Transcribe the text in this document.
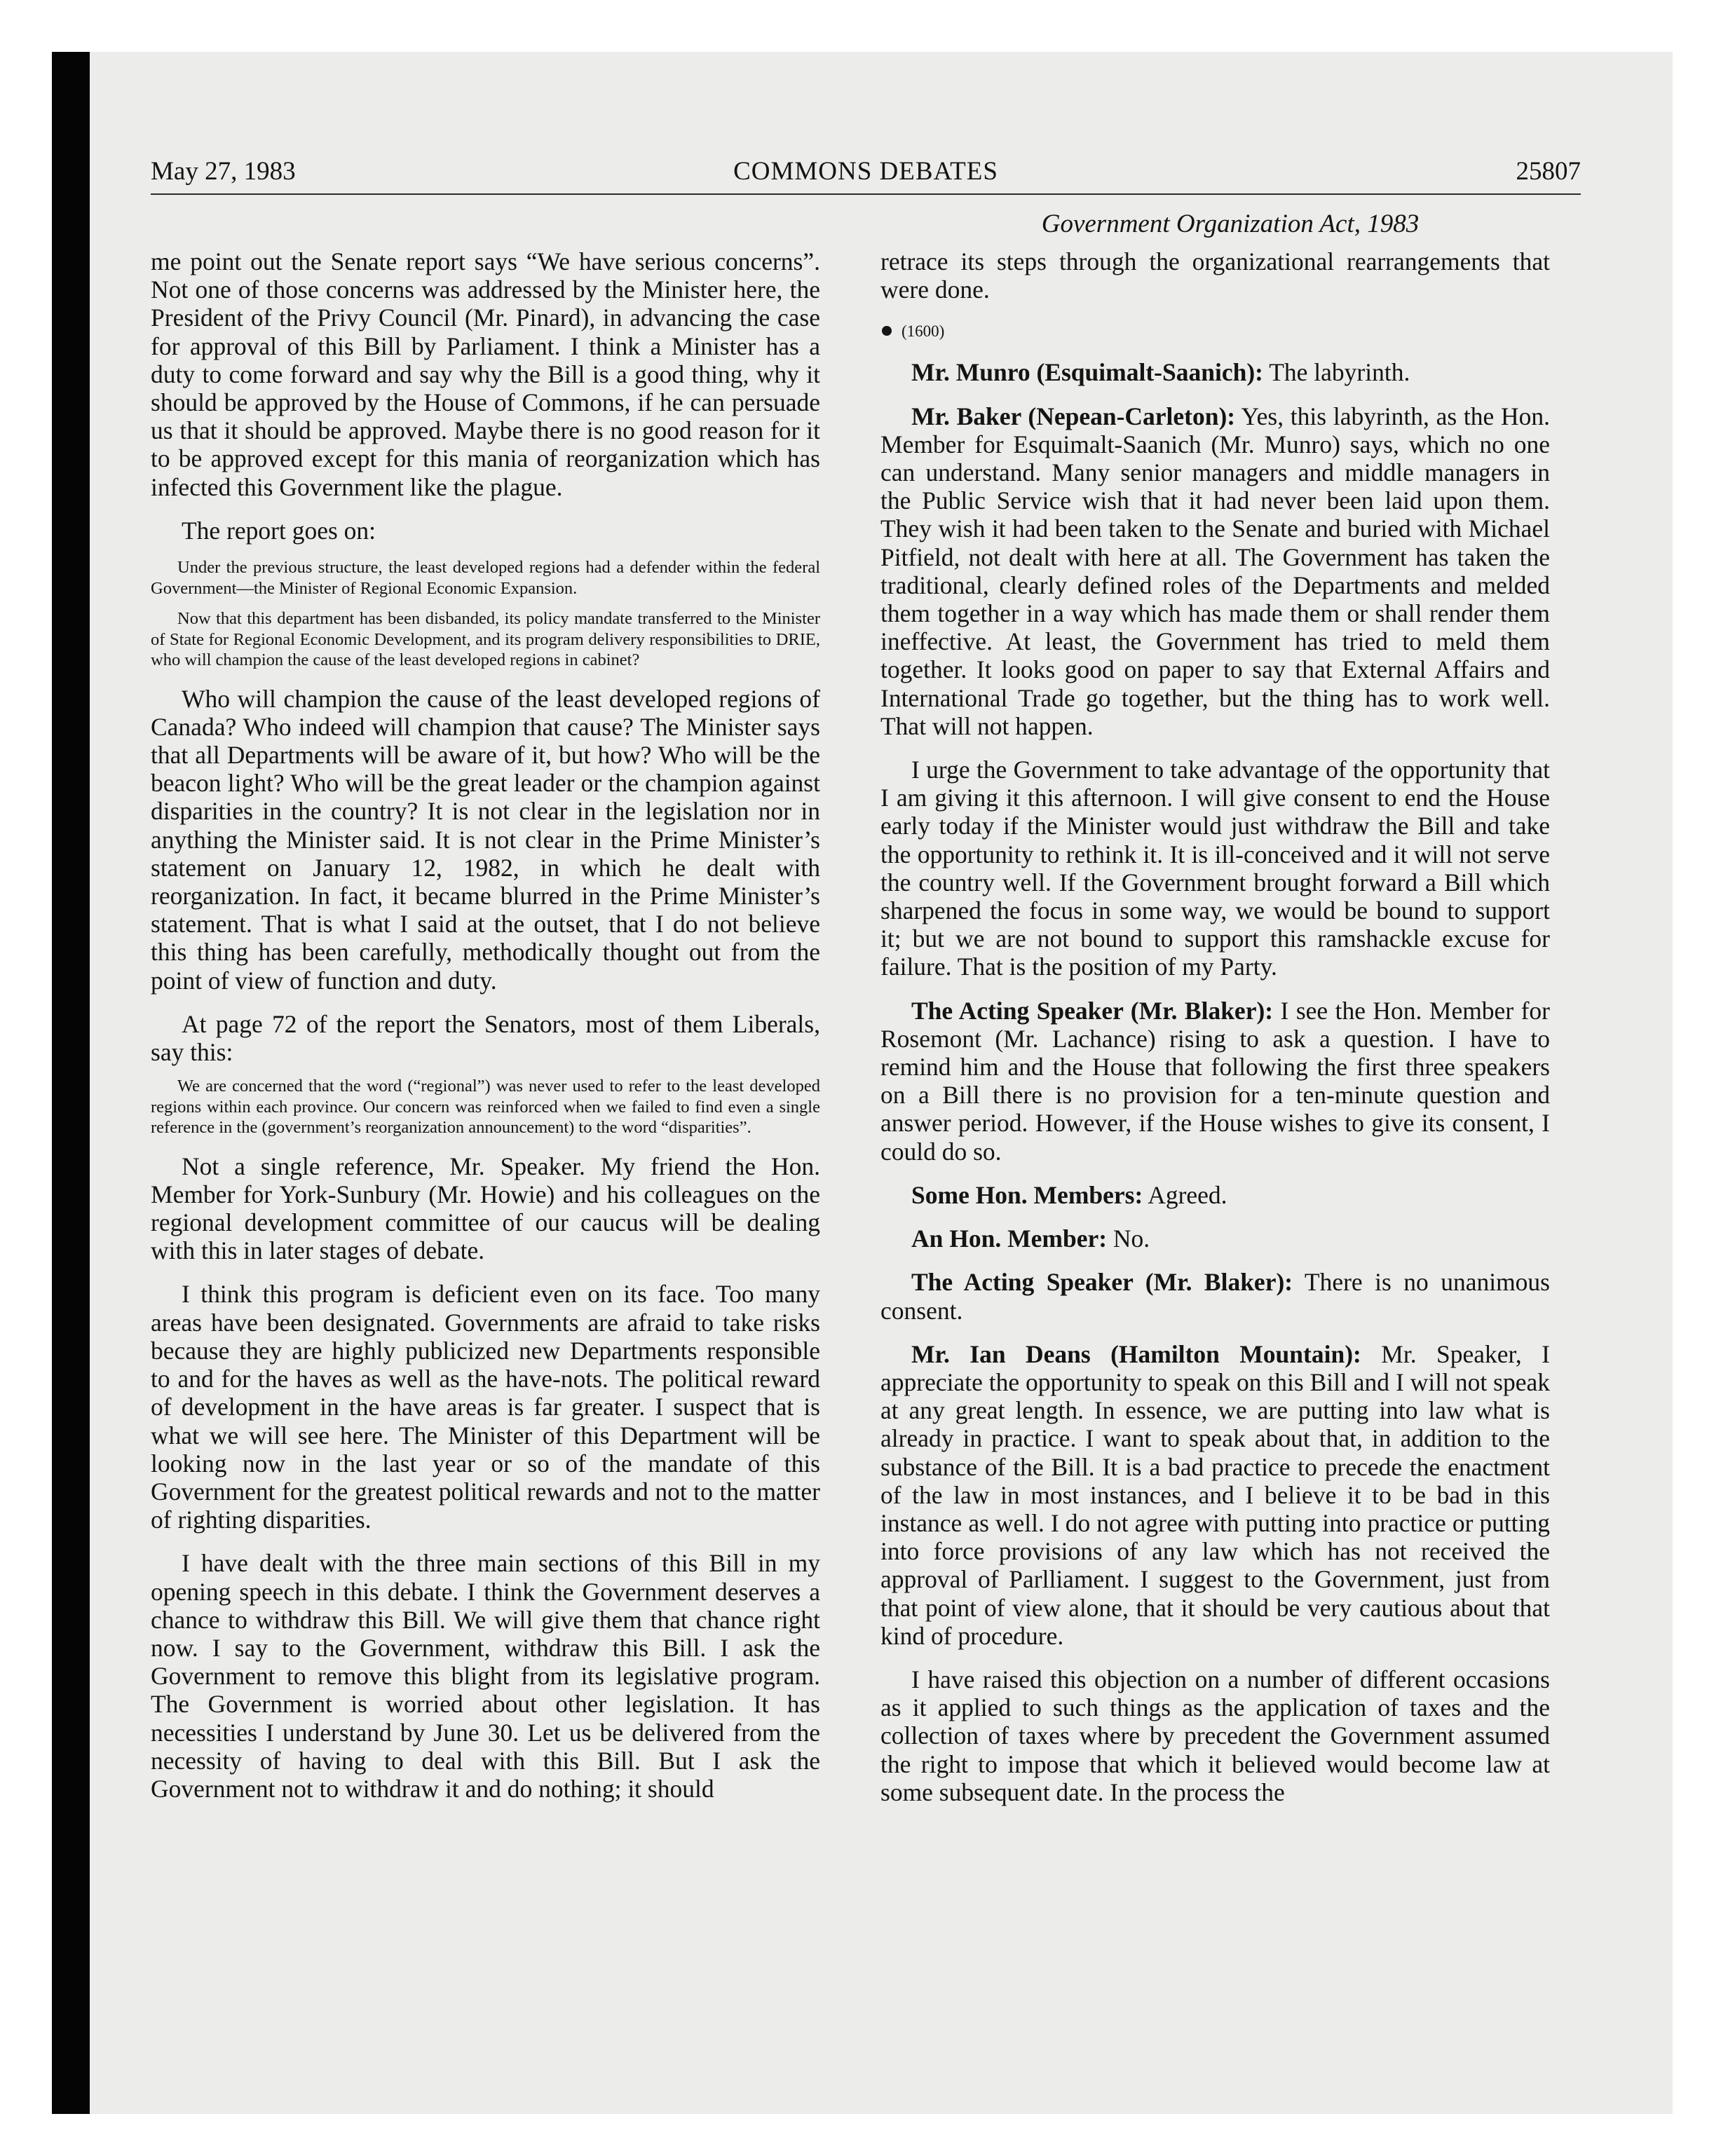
May 27, 1983	COMMONS DEBATES	25807
Government Organization Act, 1983

me point out the Senate report says “We have serious concerns”. Not one of those concerns was addressed by the Minister here, the President of the Privy Council (Mr. Pinard), in advancing the case for approval of this Bill by Parliament. I think a Minister has a duty to come forward and say why the Bill is a good thing, why it should be approved by the House of Commons, if he can persuade us that it should be approved. Maybe there is no good reason for it to be approved except for this mania of reorganization which has infected this Government like the plague.

The report goes on:

Under the previous structure, the least developed regions had a defender within the federal Government—the Minister of Regional Economic Expansion.

Now that this department has been disbanded, its policy mandate transferred to the Minister of State for Regional Economic Development, and its program delivery responsibilities to DRIE, who will champion the cause of the least developed regions in cabinet?

Who will champion the cause of the least developed regions of Canada? Who indeed will champion that cause? The Minister says that all Departments will be aware of it, but how? Who will be the beacon light? Who will be the great leader or the champion against disparities in the country? It is not clear in the legislation nor in anything the Minister said. It is not clear in the Prime Minister’s statement on January 12, 1982, in which he dealt with reorganization. In fact, it became blurred in the Prime Minister’s statement. That is what I said at the outset, that I do not believe this thing has been carefully, methodically thought out from the point of view of function and duty.

At page 72 of the report the Senators, most of them Liberals, say this:

We are concerned that the word (“regional”) was never used to refer to the least developed regions within each province. Our concern was reinforced when we failed to find even a single reference in the (government’s reorganization announcement) to the word “disparities”.

Not a single reference, Mr. Speaker. My friend the Hon. Member for York-Sunbury (Mr. Howie) and his colleagues on the regional development committee of our caucus will be dealing with this in later stages of debate.

I think this program is deficient even on its face. Too many areas have been designated. Governments are afraid to take risks because they are highly publicized new Departments responsible to and for the haves as well as the have-nots. The political reward of development in the have areas is far greater. I suspect that is what we will see here. The Minister of this Department will be looking now in the last year or so of the mandate of this Government for the greatest political rewards and not to the matter of righting disparities.

I have dealt with the three main sections of this Bill in my opening speech in this debate. I think the Government deserves a chance to withdraw this Bill. We will give them that chance right now. I say to the Government, withdraw this Bill. I ask the Government to remove this blight from its legislative program. The Government is worried about other legislation. It has necessities I understand by June 30. Let us be delivered from the necessity of having to deal with this Bill. But I ask the Government not to withdraw it and do nothing; it should

retrace its steps through the organizational rearrangements that were done.

(1600)

Mr. Munro (Esquimalt-Saanich): The labyrinth.

Mr. Baker (Nepean-Carleton): Yes, this labyrinth, as the Hon. Member for Esquimalt-Saanich (Mr. Munro) says, which no one can understand. Many senior managers and middle managers in the Public Service wish that it had never been laid upon them. They wish it had been taken to the Senate and buried with Michael Pitfield, not dealt with here at all. The Government has taken the traditional, clearly defined roles of the Departments and melded them together in a way which has made them or shall render them ineffective. At least, the Government has tried to meld them together. It looks good on paper to say that External Affairs and International Trade go together, but the thing has to work well. That will not happen.

I urge the Government to take advantage of the opportunity that I am giving it this afternoon. I will give consent to end the House early today if the Minister would just withdraw the Bill and take the opportunity to rethink it. It is ill-conceived and it will not serve the country well. If the Government brought forward a Bill which sharpened the focus in some way, we would be bound to support it; but we are not bound to support this ramshackle excuse for failure. That is the position of my Party.

The Acting Speaker (Mr. Blaker): I see the Hon. Member for Rosemont (Mr. Lachance) rising to ask a question. I have to remind him and the House that following the first three speakers on a Bill there is no provision for a ten-minute question and answer period. However, if the House wishes to give its consent, I could do so.

Some Hon. Members: Agreed.

An Hon. Member: No.

The Acting Speaker (Mr. Blaker): There is no unanimous consent.

Mr. Ian Deans (Hamilton Mountain): Mr. Speaker, I appreciate the opportunity to speak on this Bill and I will not speak at any great length. In essence, we are putting into law what is already in practice. I want to speak about that, in addition to the substance of the Bill. It is a bad practice to precede the enactment of the law in most instances, and I believe it to be bad in this instance as well. I do not agree with putting into practice or putting into force provisions of any law which has not received the approval of Parlliament. I suggest to the Government, just from that point of view alone, that it should be very cautious about that kind of procedure.

I have raised this objection on a number of different occasions as it applied to such things as the application of taxes and the collection of taxes where by precedent the Government assumed the right to impose that which it believed would become law at some subsequent date. In the process the
